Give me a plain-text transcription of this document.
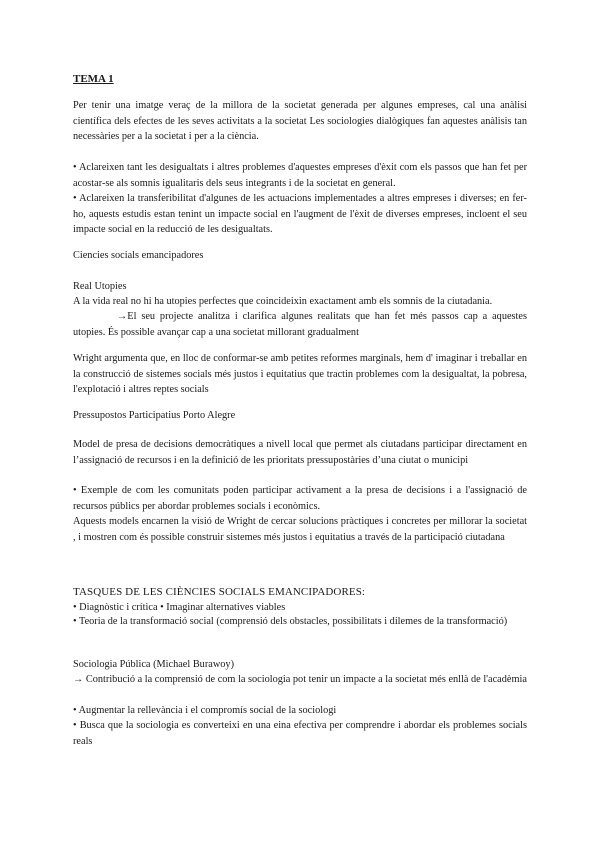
TEMA 1

Per tenir una imatge veraç de la millora de la societat generada per algunes empreses, cal una anàlisi científica dels efectes de les seves activitats a la societat Les sociologies dialògiques fan aquestes anàlisis tan necessàries per a la societat i per a la ciència.

• Aclareixen tant les desigualtats i altres problemes d'aquestes empreses d'èxit com els passos que han fet per acostar-se als somnis igualitaris dels seus integrants i de la societat en general.

• Aclareixen la transferibilitat d'algunes de les actuacions implementades a altres empreses i diverses; en fer-ho, aquests estudis estan tenint un impacte social en l'augment de l'èxit de diverses empreses, incloent el seu impacte social en la reducció de les desigualtats.

Ciencies socials emancipadores

Real Utopies

A la vida real no hi ha utopies perfectes que coincideixin exactament amb els somnis de la ciutadania.

→El seu projecte analitza i clarifica algunes realitats que han fet més passos cap a aquestes utopies. És possible avançar cap a una societat millorant gradualment

Wright argumenta que, en lloc de conformar-se amb petites reformes marginals, hem d' imaginar i treballar en la construcció de sistemes socials més justos i equitatius que tractin problemes com la desigualtat, la pobresa, l'explotació i altres reptes socials

Pressupostos Participatius Porto Alegre

Model de presa de decisions democràtiques a nivell local que permet als ciutadans participar directament en l’assignació de recursos i en la definició de les prioritats pressupostàries d’una ciutat o municipi

• Exemple de com les comunitats poden participar activament a la presa de decisions i a l'assignació de recursos públics per abordar problemes socials i econòmics.

Aquests models encarnen la visió de Wright de cercar solucions pràctiques i concretes per millorar la societat , i mostren com és possible construir sistemes més justos i equitatius a través de la participació ciutadana

TASQUES DE LES CIÈNCIES SOCIALS EMANCIPADORES:

• Diagnòstic i crítica • Imaginar alternatives viables

• Teoria de la transformació social (comprensió dels obstacles, possibilitats i dilemes de la transformació)

Sociologia Pública (Michael Burawoy)

→ Contribució a la comprensió de com la sociologia pot tenir un impacte a la societat més enllà de l'acadèmia

• Augmentar la rellevància i el compromís social de la sociologi

• Busca que la sociologia es converteixi en una eina efectiva per comprendre i abordar els problemes socials reals
